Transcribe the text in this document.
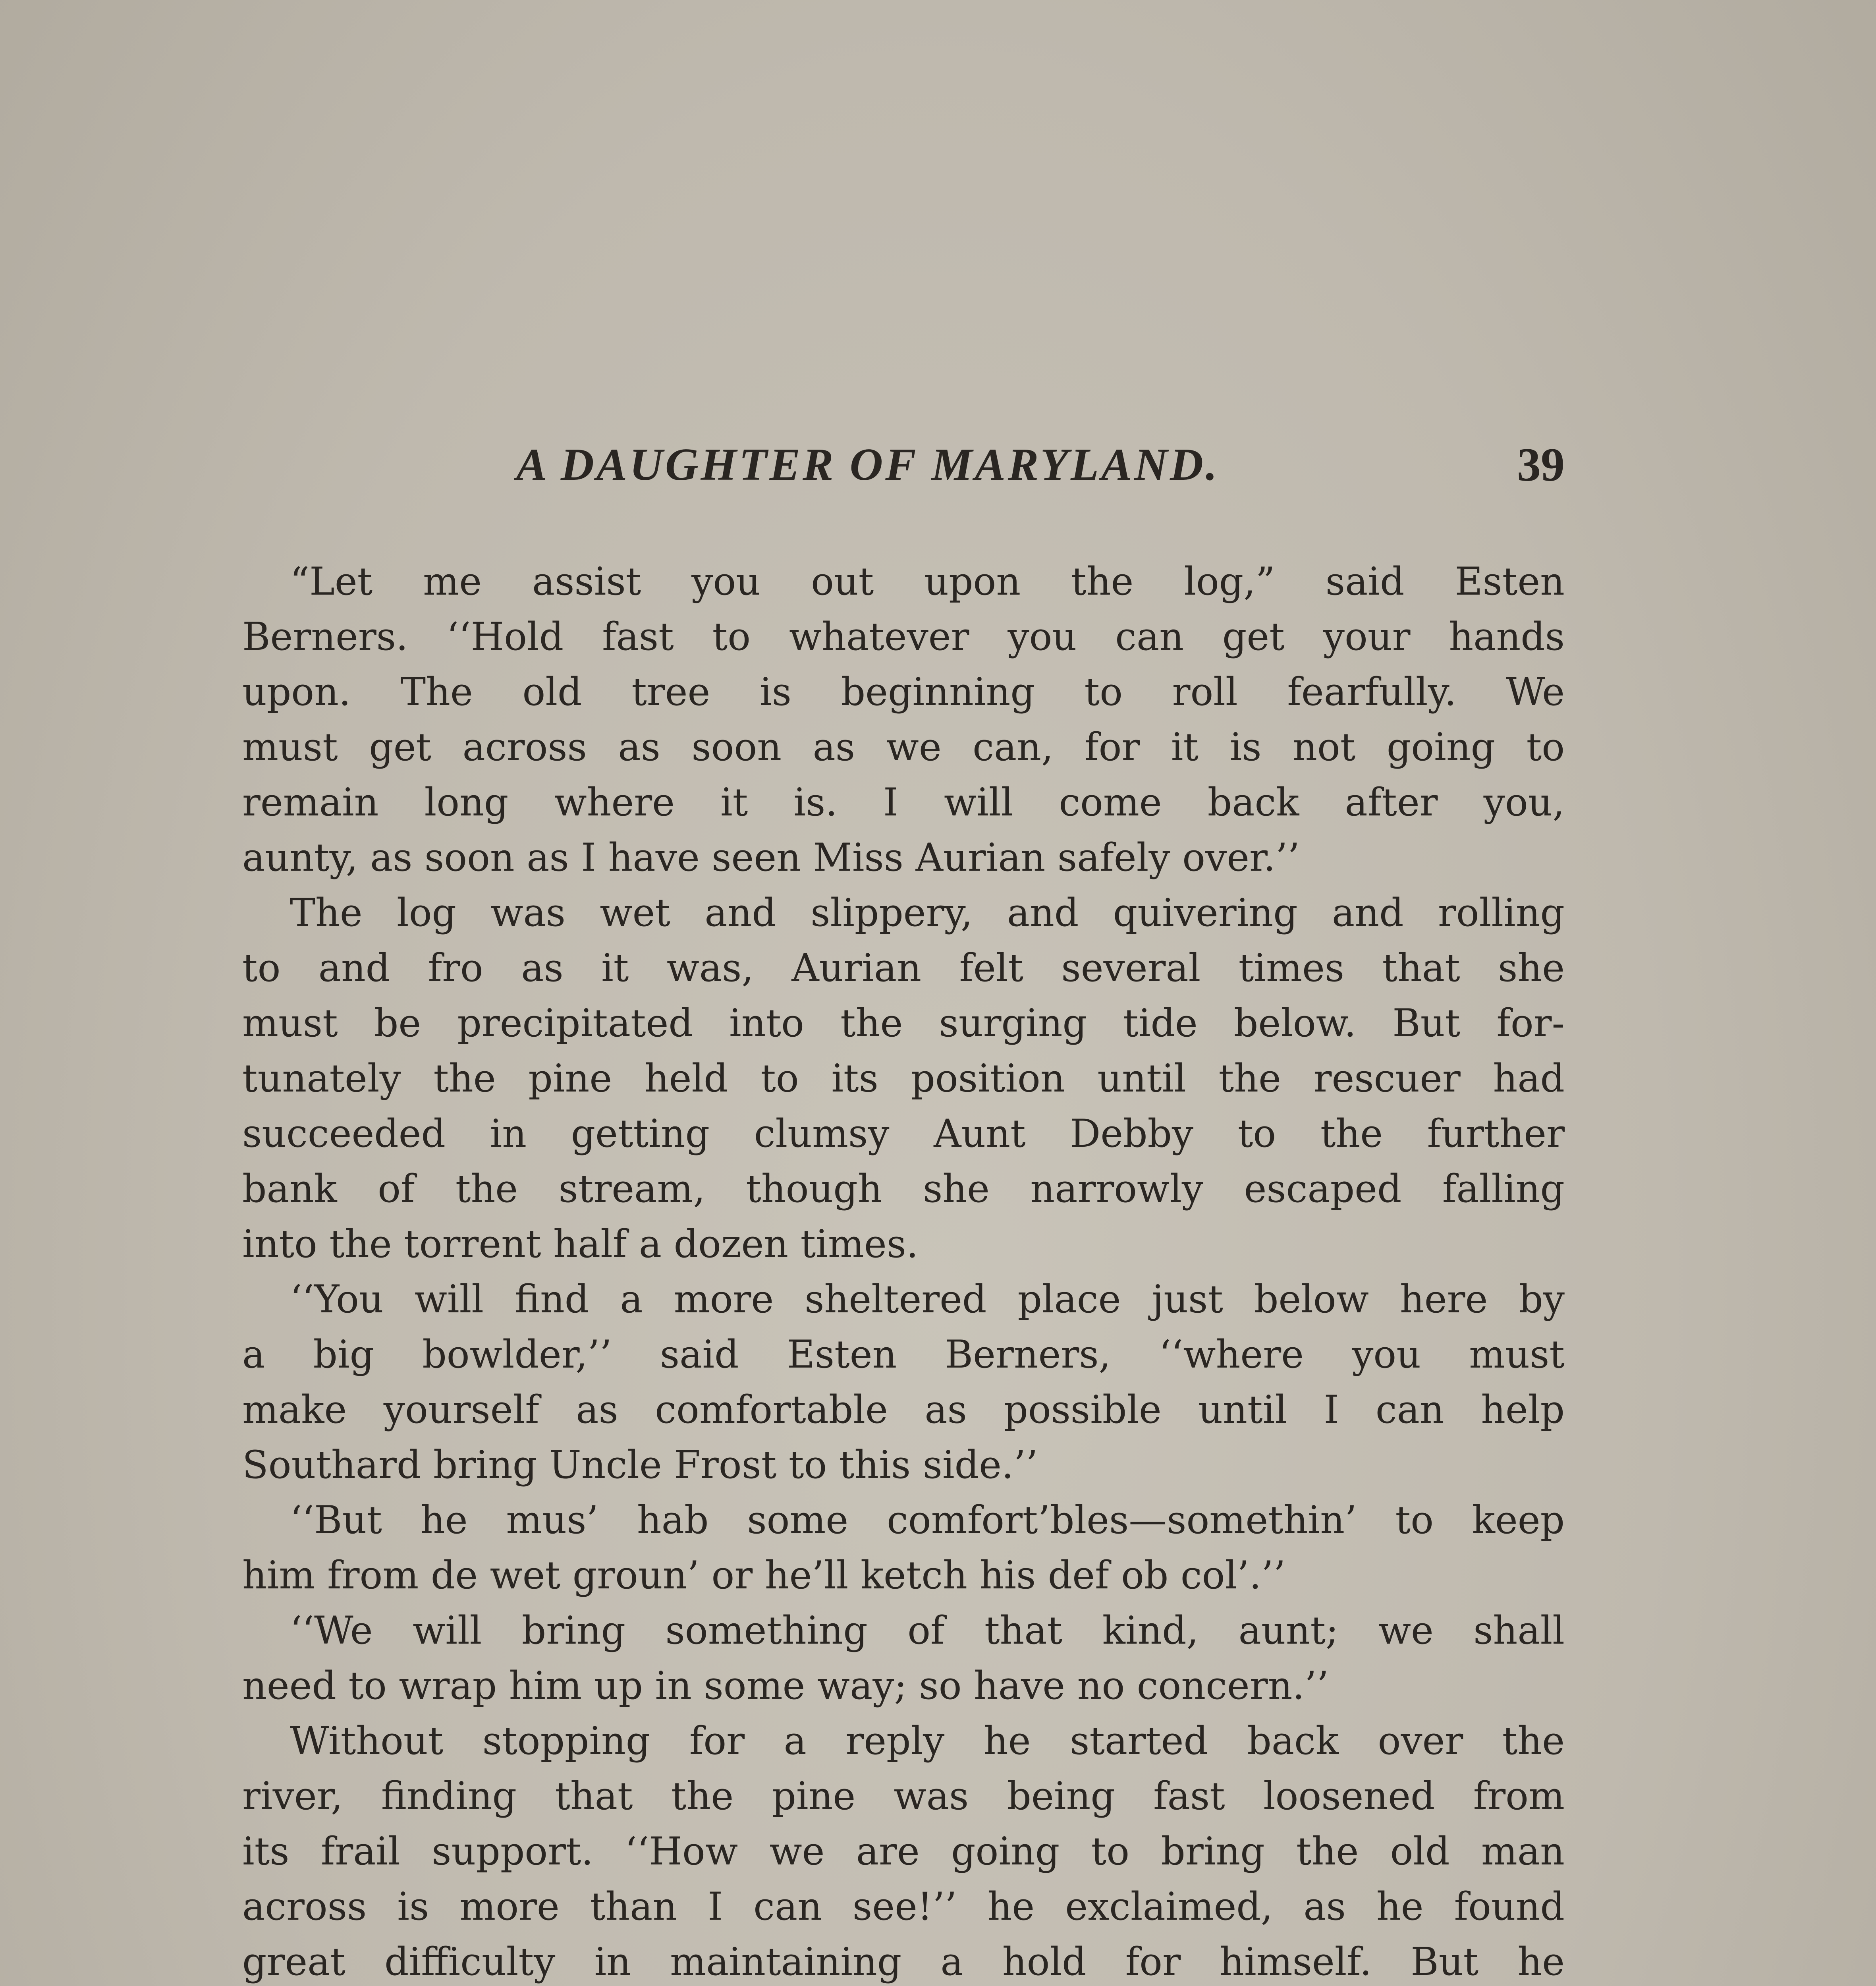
A DAUGHTER OF MARYLAND.	39
“Let me assist you out upon the log,” said Esten
Berners. ‘‘Hold fast to whatever you can get your hands
upon. The old tree is beginning to roll fearfully. We
must get across as soon as we can, for it is not going to
remain long where it is. I will come back after you,
aunty, as soon as I have seen Miss Aurian safely over.’’
The log was wet and slippery, and quivering and rolling
to and fro as it was, Aurian felt several times that she
must be precipitated into the surging tide below. But for-
tunately the pine held to its position until the rescuer had
succeeded in getting clumsy Aunt Debby to the further
bank of the stream, though she narrowly escaped falling
into the torrent half a dozen times.
‘‘You will find a more sheltered place just below here by
a big bowlder,’’ said Esten Berners, ‘‘where you must
make yourself as comfortable as possible until I can help
Southard bring Uncle Frost to this side.’’
‘‘But he mus’ hab some comfort’bles—somethin’ to keep
him from de wet groun’ or he’ll ketch his def ob col’.’’
‘‘We will bring something of that kind, aunt; we shall
need to wrap him up in some way; so have no concern.’’
Without stopping for a reply he started back over the
river, finding that the pine was being fast loosened from
its frail support. ‘‘How we are going to bring the old man
across is more than I can see!’’ he exclaimed, as he found
great difficulty in maintaining a hold for himself. But he
